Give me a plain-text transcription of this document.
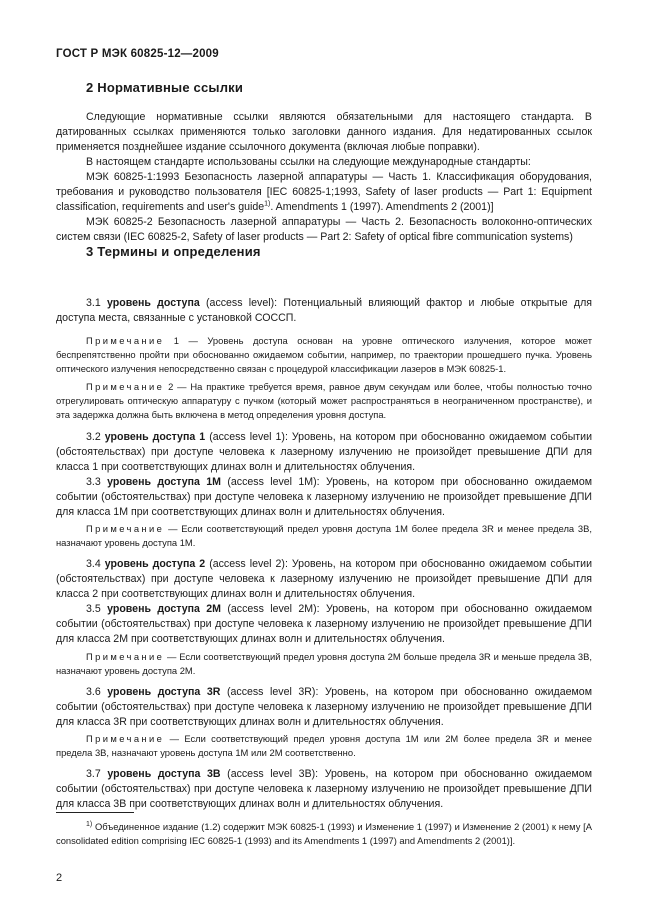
ГОСТ Р МЭК 60825-12—2009
2 Нормативные ссылки
Следующие нормативные ссылки являются обязательными для настоящего стандарта. В датированных ссылках применяются только заголовки данного издания. Для недатированных ссылок применяется позднейшее издание ссылочного документа (включая любые поправки).
В настоящем стандарте использованы ссылки на следующие международные стандарты:
МЭК 60825-1:1993 Безопасность лазерной аппаратуры — Часть 1. Классификация оборудования, требования и руководство пользователя [IEC 60825-1;1993, Safety of laser products — Part 1: Equipment classification, requirements and user's guide$^{1)}$. Amendments 1 (1997). Amendments 2 (2001)]
МЭК 60825-2 Безопасность лазерной аппаратуры — Часть 2. Безопасность волоконно-оптических систем связи (IEC 60825-2, Safety of laser products — Part 2: Safety of optical fibre communication systems)
3 Термины и определения
3.1 уровень доступа (access level): Потенциальный влияющий фактор и любые открытые для доступа места, связанные с установкой СОССП.
Примечание 1 — Уровень доступа основан на уровне оптического излучения, которое может беспрепятственно пройти при обоснованно ожидаемом событии, например, по траектории прошедшего пучка. Уровень оптического излучения непосредственно связан с процедурой классификации лазеров в МЭК 60825-1.
Примечание 2 — На практике требуется время, равное двум секундам или более, чтобы полностью точно отрегулировать оптическую аппаратуру с пучком (который может распространяться в неограниченном пространстве), и эта задержка должна быть включена в метод определения уровня доступа.
3.2 уровень доступа 1 (access level 1): Уровень, на котором при обоснованно ожидаемом событии (обстоятельствах) при доступе человека к лазерному излучению не произойдет превышение ДПИ для класса 1 при соответствующих длинах волн и длительностях облучения.
3.3 уровень доступа 1М (access level 1M): Уровень, на котором при обоснованно ожидаемом событии (обстоятельствах) при доступе человека к лазерному излучению не произойдет превышение ДПИ для класса 1М при соответствующих длинах волн и длительностях облучения.
Примечание — Если соответствующий предел уровня доступа 1М более предела 3R и менее предела 3B, назначают уровень доступа 1М.
3.4 уровень доступа 2 (access level 2): Уровень, на котором при обоснованно ожидаемом событии (обстоятельствах) при доступе человека к лазерному излучению не произойдет превышение ДПИ для класса 2 при соответствующих длинах волн и длительностях облучения.
3.5 уровень доступа 2М (access level 2M): Уровень, на котором при обоснованно ожидаемом событии (обстоятельствах) при доступе человека к лазерному излучению не произойдет превышение ДПИ для класса 2М при соответствующих длинах волн и длительностях облучения.
Примечание — Если соответствующий предел уровня доступа 2М больше предела 3R и меньше предела 3B, назначают уровень доступа 2М.
3.6 уровень доступа 3R (access level 3R): Уровень, на котором при обоснованно ожидаемом событии (обстоятельствах) при доступе человека к лазерному излучению не произойдет превышение ДПИ для класса 3R при соответствующих длинах волн и длительностях облучения.
Примечание — Если соответствующий предел уровня доступа 1М или 2М более предела 3R и менее предела 3B, назначают уровень доступа 1М или 2М соответственно.
3.7 уровень доступа 3B (access level 3B): Уровень, на котором при обоснованно ожидаемом событии (обстоятельствах) при доступе человека к лазерному излучению не произойдет превышение ДПИ для класса 3B при соответствующих длинах волн и длительностях облучения.
$^{1)}$ Объединенное издание (1.2) содержит МЭК 60825-1 (1993) и Изменение 1 (1997) и Изменение 2 (2001) к нему [A consolidated edition comprising IEC 60825-1 (1993) and its Amendments 1 (1997) and Amendments 2 (2001)].
2
